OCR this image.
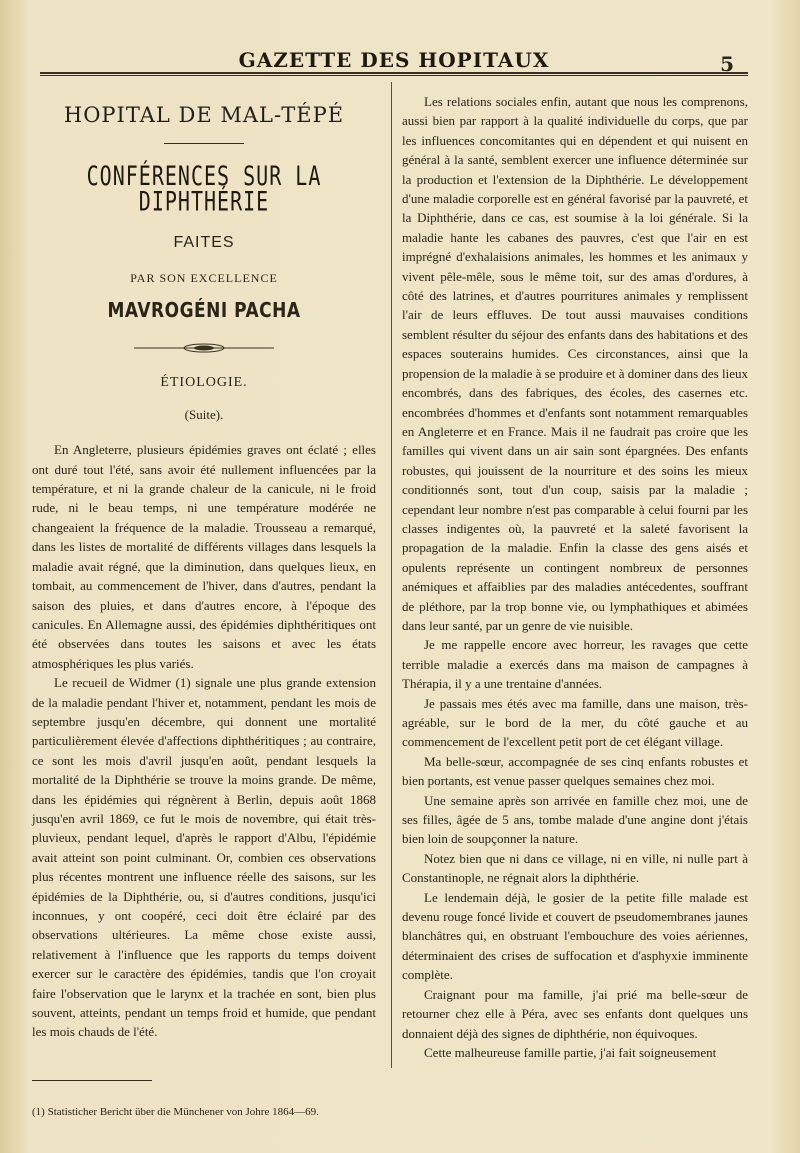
GAZETTE DES HOPITAUX	5
HOPITAL DE MAL-TÉPÉ
CONFÉRENCES SUR LA DIPHTHÉRIE
FAITES
PAR SON EXCELLENCE
MAVROGÉNI PACHA
ÉTIOLOGIE.
(Suite).

En Angleterre, plusieurs épidémies graves ont éclaté ; elles ont duré tout l'été, sans avoir été nullement influencées par la température, et ni la grande chaleur de la canicule, ni le froid rude, ni le beau temps, ni une température modérée ne changeaient la fréquence de la maladie. Trousseau a remarqué, dans les listes de mortalité de différents villages dans lesquels la maladie avait régné, que la diminution, dans quelques lieux, en tombait, au commencement de l'hiver, dans d'autres, pendant la saison des pluies, et dans d'autres encore, à l'époque des canicules. En Allemagne aussi, des épidémies diphthéritiques ont été observées dans toutes les saisons et avec les états atmosphériques les plus variés.

Le recueil de Widmer (1) signale une plus grande extension de la maladie pendant l'hiver et, notamment, pendant les mois de septembre jusqu'en décembre, qui donnent une mortalité particulièrement élevée d'affections diphthéritiques ; au contraire, ce sont les mois d'avril jusqu'en août, pendant lesquels la mortalité de la Diphthérie se trouve la moins grande. De même, dans les épidémies qui régnèrent à Berlin, depuis août 1868 jusqu'en avril 1869, ce fut le mois de novembre, qui était très-pluvieux, pendant lequel, d'après le rapport d'Albu, l'épidémie avait atteint son point culminant. Or, combien ces observations plus récentes montrent une influence réelle des saisons, sur les épidémies de la Diphthérie, ou, si d'autres conditions, jusqu'ici inconnues, y ont coopéré, ceci doit être éclairé par des observations ultérieures. La même chose existe aussi, relativement à l'influence que les rapports du temps doivent exercer sur le caractère des épidémies, tandis que l'on croyait faire l'observation que le larynx et la trachée en sont, bien plus souvent, atteints, pendant un temps froid et humide, que pendant les mois chauds de l'été.

(1) Statisticher Bericht über die Münchener von Johre 1864—69.

Les relations sociales enfin, autant que nous les comprenons, aussi bien par rapport à la qualité individuelle du corps, que par les influences concomitantes qui en dépendent et qui nuisent en général à la santé, semblent exercer une influence déterminée sur la production et l'extension de la Diphthérie. Le développement d'une maladie corporelle est en général favorisé par la pauvreté, et la Diphthérie, dans ce cas, est soumise à la loi générale. Si la maladie hante les cabanes des pauvres, c'est que l'air en est imprégné d'exhalaisions animales, les hommes et les animaux y vivent pêle-mêle, sous le même toit, sur des amas d'ordures, à côté des latrines, et d'autres pourritures animales y remplissent l'air de leurs effluves. De tout aussi mauvaises conditions semblent résulter du séjour des enfants dans des habitations et des espaces souterains humides. Ces circonstances, ainsi que la propension de la maladie à se produire et à dominer dans des lieux encombrés, dans des fabriques, des écoles, des casernes etc. encombrées d'hommes et d'enfants sont notamment remarquables en Angleterre et en France. Mais il ne faudrait pas croire que les familles qui vivent dans un air sain sont épargnées. Des enfants robustes, qui jouissent de la nourriture et des soins les mieux conditionnés sont, tout d'un coup, saisis par la maladie ; cependant leur nombre n'est pas comparable à celui fourni par les classes indigentes où, la pauvreté et la saleté favorisent la propagation de la maladie. Enfin la classe des gens aisés et opulents représente un contingent nombreux de personnes anémiques et affaiblies par des maladies antécedentes, souffrant de pléthore, par la trop bonne vie, ou lymphathiques et abimées dans leur santé, par un genre de vie nuisible.

Je me rappelle encore avec horreur, les ravages que cette terrible maladie a exercés dans ma maison de campagnes à Thérapia, il y a une trentaine d'années.

Je passais mes étés avec ma famille, dans une maison, très-agréable, sur le bord de la mer, du côté gauche et au commencement de l'excellent petit port de cet élégant village.

Ma belle-sœur, accompagnée de ses cinq enfants robustes et bien portants, est venue passer quelques semaines chez moi.

Une semaine après son arrivée en famille chez moi, une de ses filles, âgée de 5 ans, tombe malade d'une angine dont j'étais bien loin de soupçonner la nature.

Notez bien que ni dans ce village, ni en ville, ni nulle part à Constantinople, ne régnait alors la diphthérie.

Le lendemain déjà, le gosier de la petite fille malade est devenu rouge foncé livide et couvert de pseudomembranes jaunes blanchâtres qui, en obstruant l'embouchure des voies aériennes, déterminaient des crises de suffocation et d'asphyxie imminente complète.

Craignant pour ma famille, j'ai prié ma belle-sœur de retourner chez elle à Péra, avec ses enfants dont quelques uns donnaient déjà des signes de diphthérie, non équivoques.

Cette malheureuse famille partie, j'ai fait soigneusement
